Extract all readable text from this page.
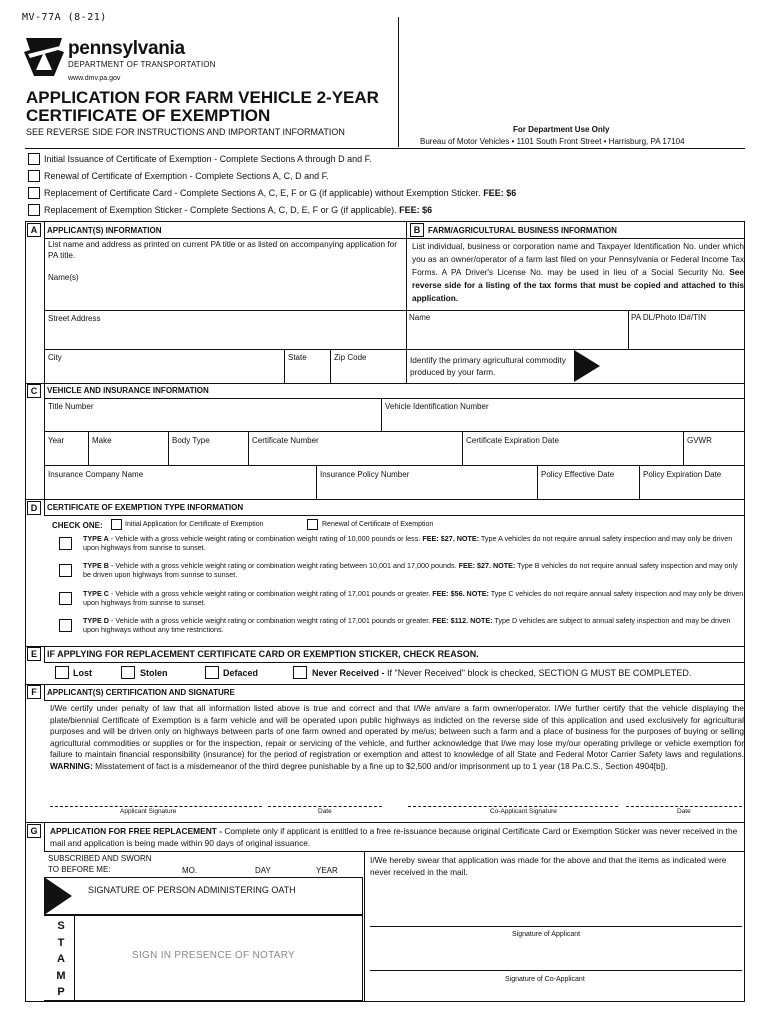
MV-77A (8-21)
pennsylvania
DEPARTMENT OF TRANSPORTATION
www.dmv.pa.gov
APPLICATION FOR FARM VEHICLE 2-YEAR
CERTIFICATE OF EXEMPTION
SEE REVERSE SIDE FOR INSTRUCTIONS AND IMPORTANT INFORMATION	For Department Use Only
Bureau of Motor Vehicles • 1101 South Front Street • Harrisburg, PA 17104
Initial Issuance of Certificate of Exemption - Complete Sections A through D and F.
Renewal of Certificate of Exemption - Complete Sections A, C, D and F.
Replacement of Certificate Card - Complete Sections A, C, E, F or G (if applicable) without Exemption Sticker. FEE: $6
Replacement of Exemption Sticker - Complete Sections A, C, D, E, F or G (if applicable). FEE: $6
A	APPLICANT(S) INFORMATION	B FARM/AGRICULTURAL BUSINESS INFORMATION
List name and address as printed on current PA title or as listed on accompanying application for PA title.
Name(s)
List individual, business or corporation name and Taxpayer Identification No. under which you as an owner/operator of a farm last filed on your Pennsylvania or Federal Income Tax Forms. A PA Driver's License No. may be used in lieu of a Social Security No. See reverse side for a listing of the tax forms that must be copied and attached to this application.
Street Address	Name	PA DL/Photo ID#/TIN
City	State	Zip Code	Identify the primary agricultural commodity produced by your farm.
C	VEHICLE AND INSURANCE INFORMATION
Title Number	Vehicle Identification Number
Year	Make	Body Type	Certificate Number	Certificate Expiration Date	GVWR
Insurance Company Name	Insurance Policy Number	Policy Effective Date	Policy Expiration Date
D	CERTIFICATE OF EXEMPTION TYPE INFORMATION
CHECK ONE:	Initial Application for Certificate of Exemption	Renewal of Certificate of Exemption
TYPE A - Vehicle with a gross vehicle weight rating or combination weight rating of 10,000 pounds or less. FEE: $27. NOTE: Type A vehicles do not require annual safety inspection and may only be driven upon highways from sunrise to sunset.
TYPE B - Vehicle with a gross vehicle weight rating or combination weight rating between 10,001 and 17,000 pounds. FEE: $27. NOTE: Type B vehicles do not require annual safety inspection and may only be driven upon highways from sunrise to sunset.
TYPE C - Vehicle with a gross vehicle weight rating or combination weight rating of 17,001 pounds or greater. FEE: $56. NOTE: Type C vehicles do not require annual safety inspection and may only be driven upon highways from sunrise to sunset.
TYPE D - Vehicle with a gross vehicle weight rating or combination weight rating of 17,001 pounds or greater. FEE: $112. NOTE: Type D vehicles are subject to annual safety inspection and may be driven upon highways without any time restrictions.
E	IF APPLYING FOR REPLACEMENT CERTIFICATE CARD OR EXEMPTION STICKER, CHECK REASON.
Lost	Stolen	Defaced	Never Received - If "Never Received" block is checked, SECTION G MUST BE COMPLETED.
F	APPLICANT(S) CERTIFICATION AND SIGNATURE
I/We certify under penalty of law that all information listed above is true and correct and that I/We am/are a farm owner/operator. I/We further certify that the vehicle displaying the plate/biennial Certificate of Exemption is a farm vehicle and will be operated upon public highways as indicted on the reverse side of this application and used exclusively for agricultural purposes and will be driven only on highways between parts of one farm owned and operated by me/us; between such a farm and a place of business for the purposes of buying or selling agricultural commodities or supplies or for the inspection, repair or servicing of the vehicle, and further acknowledge that I/we may lose my/our operating privilege or vehicle exemption for failure to maintain financial responsibility (insurance) for the period of registration or exemption and attest to knowledge of all State and Federal Motor Carrier Safety laws and regulations. WARNING: Misstatement of fact is a misdemeanor of the third degree punishable by a fine up to $2,500 and/or imprisonment up to 1 year (18 Pa.C.S., Section 4904[b]).
Applicant Signature	Date	Co-Applicant Signature	Date
G	APPLICATION FOR FREE REPLACEMENT - Complete only if applicant is entitled to a free re-issuance because original Certificate Card or Exemption Sticker was never received in the mail and application is being made within 90 days of original issuance.
SUBSCRIBED AND SWORN
TO BEFORE ME:	MO.	DAY	YEAR
SIGNATURE OF PERSON ADMINISTERING OATH
S
T
A
M
P
SIGN IN PRESENCE OF NOTARY
I/We hereby swear that application was made for the above and that the items as indicated were never received in the mail.
Signature of Applicant
Signature of Co-Applicant
